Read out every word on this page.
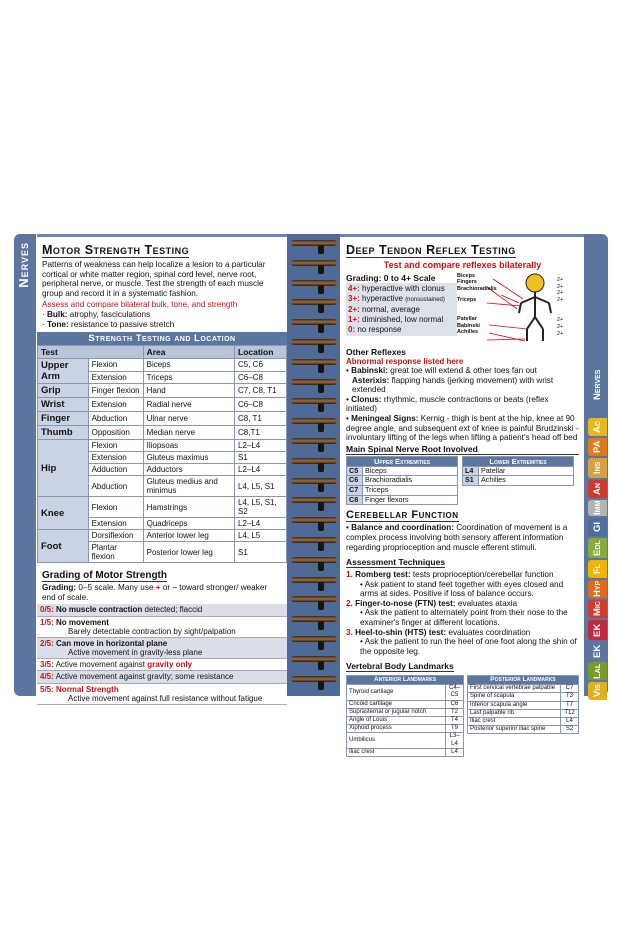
Nerves Motor Strength Testing
Patterns of weakness can help localize a lesion to a particular cortical or white matter region, spinal cord level, nerve root, peripheral nerve, or muscle. Test the strength of each muscle group and record it in a systematic fashion.
Assess and compare bilateral bulk, tone, and strength
· Bulk: atrophy, fasciculations
· Tone: resistance to passive stretch
Strength Testing and Location
Test		Area	Location
Upper Arm	Flexion	Biceps	C5, C6
	Extension	Triceps	C6–C8
Grip	Finger flexion	Hand	C7, C8, T1
Wrist	Extension	Radial nerve	C6–C8
Finger	Abduction	Ulnar nerve	C8, T1
Thumb	Opposition	Median nerve	C8,T1
Hip	Flexion	Iliopsoas	L2–L4
	Extension	Gluteus maximus	S1
	Adduction	Adductors	L2–L4
	Abduction	Gluteus medius and minimus	L4, L5, S1
Knee	Flexion	Hamstrings	L4, L5, S1, S2
	Extension	Quadriceps	L2–L4
Foot	Dorsiflexion	Anterior lower leg	L4, L5
	Plantar flexion	Posterior lower leg	S1
Grading of Motor Strength
Grading: 0–5 scale. Many use + or – toward stronger/ weaker end of scale.
0/5: No muscle contraction detected; flaccid
1/5: No movement
Barely detectable contraction by sight/palpation
2/5: Can move in horizontal plane
Active movement in gravity-less plane
3/5: Active movement against gravity only
4/5: Active movement against gravity; some resistance
5/5: Normal Strength
Active movement against full resistance without fatigue
Deep Tendon Reflex Testing
Test and compare reflexes bilaterally
Grading: 0 to 4+ Scale
4+: hyperactive with clonus
3+: hyperactive (nonsustained)
2+: normal, average
1+: diminished, low normal
0: no response
Biceps
Fingers
Brachioradialis
Triceps
Patellar
Babinski
Achilles
2+
2+
2+
2+
2+
2+
2+
Other Reflexes
Abnormal response listed here
• Babinski: great toe will extend & other toes fan out
Asterixis: flapping hands (jerking movement) with wrist extended
• Clonus: rhythmic, muscle contractions or beats (reflex initiated)
• Meningeal Signs: Kernig - thigh is bent at the hip, knee at 90 degree angle, and subsequent ext of knee is painful Brudzinski - involuntary lifting of the legs when lifting a patient's head off bed
Main Spinal Nerve Root Involved
Upper Extremities	
C5	Biceps
C6	Brachioradialis
C7	Triceps
C8	Finger flexors
Lower Extremities	
L4	Patellar
S1	Achilles
Cerebellar Function
• Balance and coordination: Coordination of movement is a complex process involving both sensory afferent information regarding proprioception and muscle efferent stimuli.
Assessment Techniques
1. Romberg test: tests proprioception/cerebellar function
• Ask patient to stand feet together with eyes closed and arms at sides. Positive if loss of balance occurs.
2. Finger-to-nose (FTN) test: evaluates ataxia
• Ask the patient to alternately point from their nose to the examiner's finger at different locations.
3. Heel-to-shin (HTS) test: evaluates coordination
• Ask the patient to run the heel of one foot along the shin of the opposite leg.
Vertebral Body Landmarks
Anterior Landmarks	
Thyroid cartilage	C4–C5
Cricoid cartilage	C6
Suprasternal or jugular notch	T2
Angle of Louis	T4
Xiphoid process	T9
Umbilicus	L3–L4
Iliac crest	L4
Posterior Landmarks	
First cervical vertebrae palpable	C7
Spine of scapula	T3
Inferior scapula angle	T7
Last palpable rib	T12
Iliac crest	L4
Posterior superior iliac spine	S2
Nerves
Ac
PA
Ins
An
Imm
GI
Edl
Fl
Hyp
Mic
EK
EK
Lal
Vis
